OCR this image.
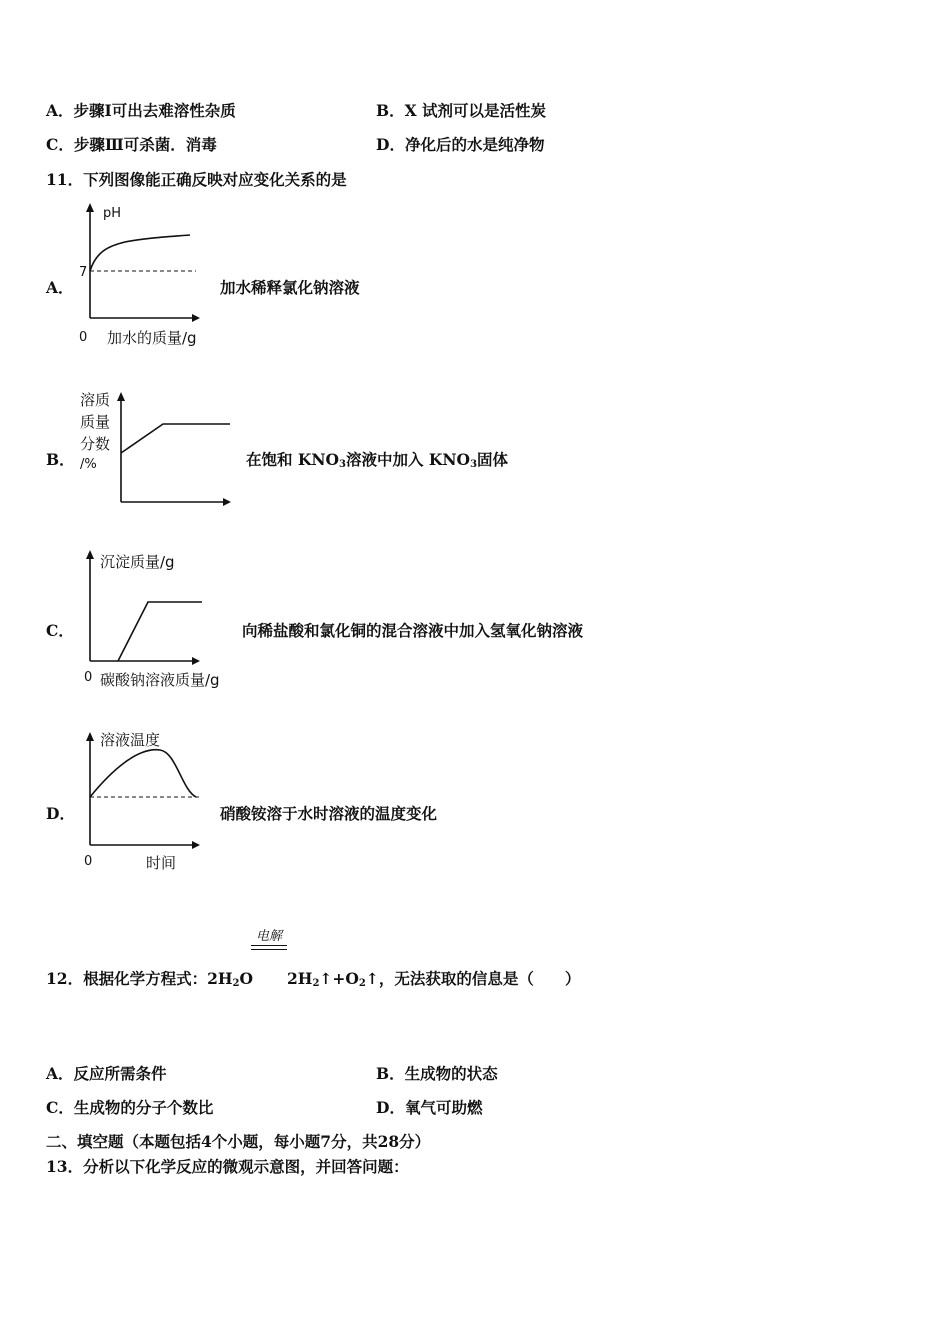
A．步骤Ⅰ可出去难溶性杂质	B．X 试剂可以是活性炭
C．步骤Ⅲ可杀菌．消毒	D．净化后的水是纯净物
11．下列图像能正确反映对应变化关系的是
A．
pH
7
0 加水的质量/g
加水稀释氯化钠溶液
B．
溶质
质量
分数
/%	在饱和 $KNO_3$溶液中加入 $KNO_3$固体
C．
沉淀质量/g
0 碳酸钠溶液质量/g
向稀盐酸和氯化铜的混合溶液中加入氢氧化钠溶液
D．
溶液温度
0	时间
硝酸铵溶于水时溶液的温度变化
电解
12．根据化学方程式：$2H_2O$ $2H_2↑+O_2↑$，无法获取的信息是（　　）
A．反应所需条件	B．生成物的状态
C．生成物的分子个数比	D．氧气可助燃
二、填空题（本题包括4个小题，每小题7分，共28分）
13．分析以下化学反应的微观示意图，并回答问题：
